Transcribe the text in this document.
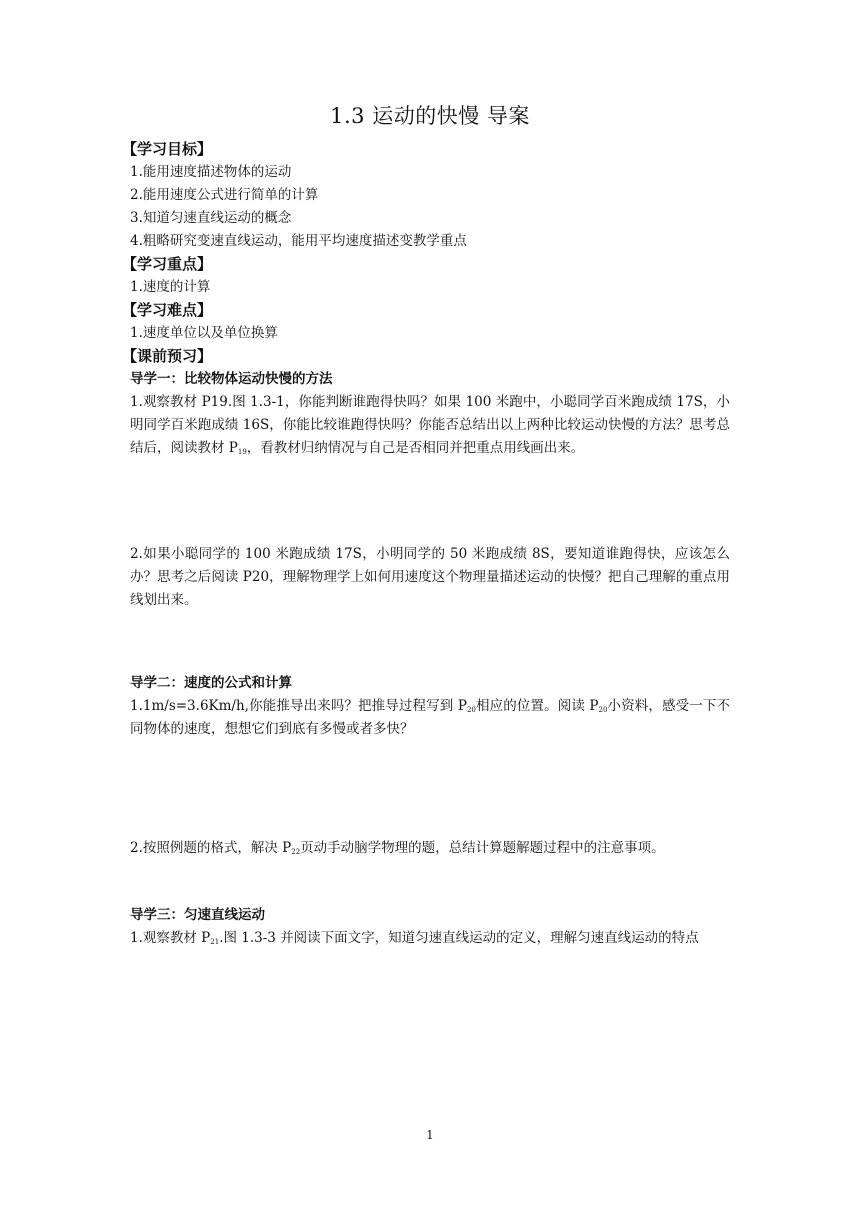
1.3 运动的快慢 导案
【学习目标】
1.能用速度描述物体的运动
2.能用速度公式进行简单的计算
3.知道匀速直线运动的概念
4.粗略研究变速直线运动，能用平均速度描述变教学重点
【学习重点】
1.速度的计算
【学习难点】
1.速度单位以及单位换算
【课前预习】
导学一：比较物体运动快慢的方法
1.观察教材 P19.图 1.3-1，你能判断谁跑得快吗？如果 100 米跑中，小聪同学百米跑成绩 17S，小明同学百米跑成绩 16S，你能比较谁跑得快吗？你能否总结出以上两种比较运动快慢的方法？思考总结后，阅读教材 $P_{19}$，看教材归纳情况与自己是否相同并把重点用线画出来。
2.如果小聪同学的 100 米跑成绩 17S，小明同学的 50 米跑成绩 8S，要知道谁跑得快，应该怎么办？思考之后阅读 P20，理解物理学上如何用速度这个物理量描述运动的快慢？把自己理解的重点用线划出来。
导学二：速度的公式和计算
1.1m/s=3.6Km/h,你能推导出来吗？把推导过程写到 $P_{20}$相应的位置。阅读 $P_{20}$小资料，感受一下不同物体的速度，想想它们到底有多慢或者多快？
2.按照例题的格式，解决 $P_{22}$页动手动脑学物理的题，总结计算题解题过程中的注意事项。
导学三：匀速直线运动
1.观察教材 $P_{21}$.图 1.3-3 并阅读下面文字，知道匀速直线运动的定义，理解匀速直线运动的特点
1
